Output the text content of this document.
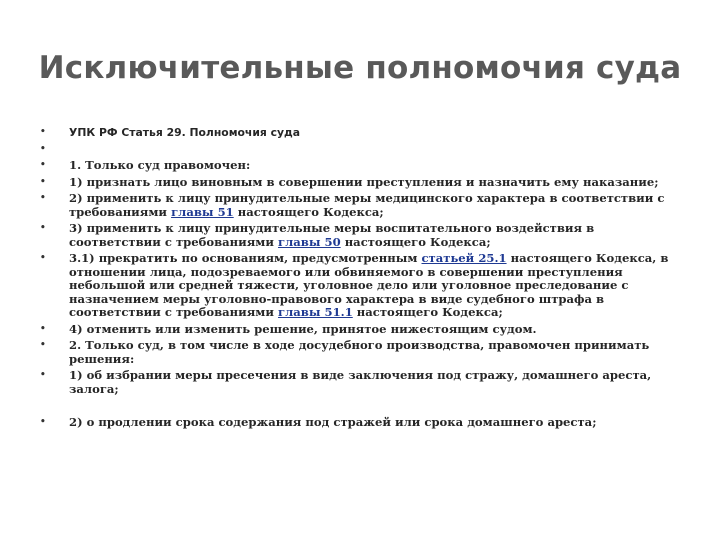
Исключительные полномочия суда
• УПК РФ Статья 29. Полномочия суда
•

• 1. Только суд правомочен:
• 1) признать лицо виновным в совершении преступления и назначить ему наказание;
• 2) применить к лицу принудительные меры медицинского характера в соответствии с требованиями главы 51 настоящего Кодекса;
• 3) применить к лицу принудительные меры воспитательного воздействия в соответствии с требованиями главы 50 настоящего Кодекса;
• 3.1) прекратить по основаниям, предусмотренным статьей 25.1 настоящего Кодекса, в отношении лица, подозреваемого или обвиняемого в совершении преступления небольшой или средней тяжести, уголовное дело или уголовное преследование с назначением меры уголовно-правового характера в виде судебного штрафа в соответствии с требованиями главы 51.1 настоящего Кодекса;
• 4) отменить или изменить решение, принятое нижестоящим судом.
• 2. Только суд, в том числе в ходе досудебного производства, правомочен принимать решения:
• 1) об избрании меры пресечения в виде заключения под стражу, домашнего ареста, залога;
• 2) о продлении срока содержания под стражей или срока домашнего ареста;
